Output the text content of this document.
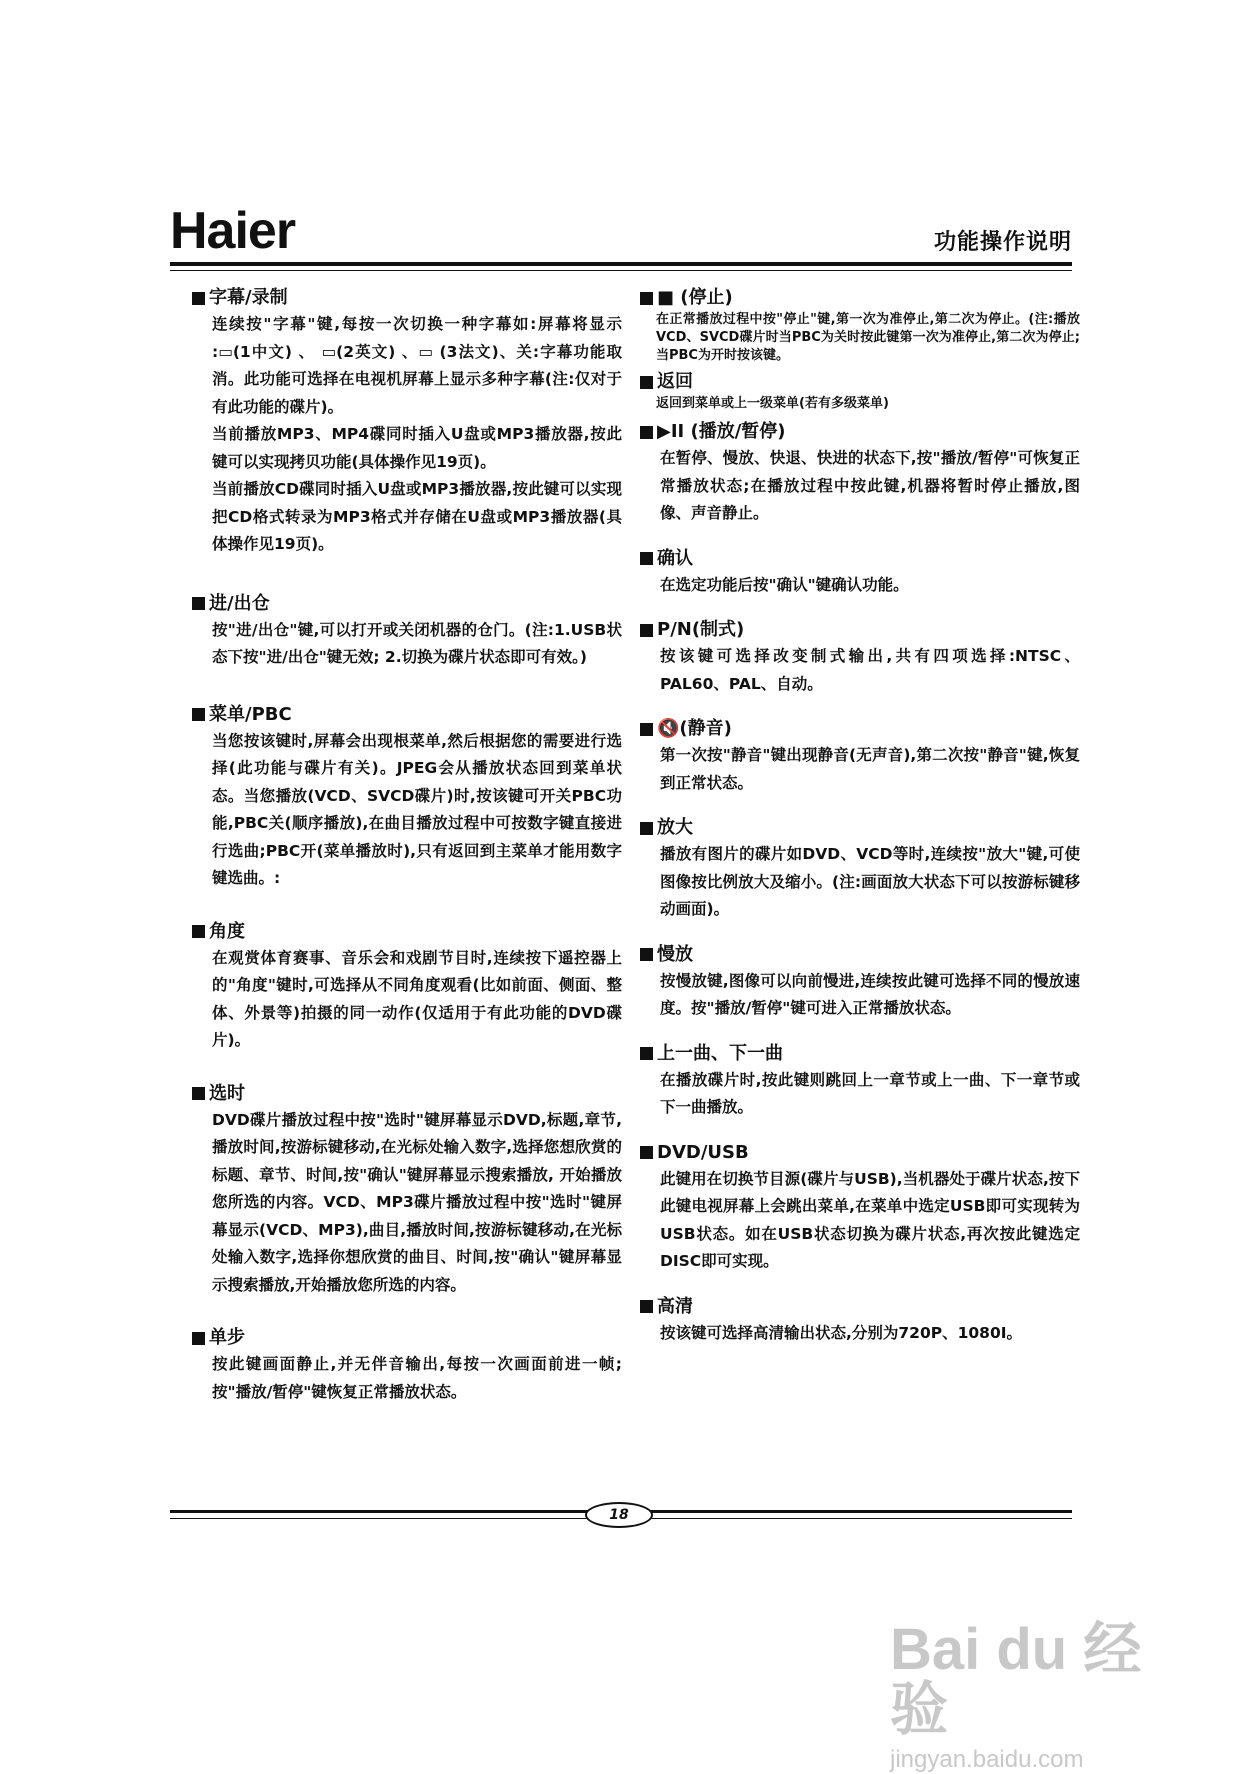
Haier	功能操作说明
字幕/录制

连续按"字幕"键,每按一次切换一种字幕如:屏幕将显示 :▭(1中文) 、 ▭(2英文) 、▭ (3法文)、关:字幕功能取消。此功能可选择在电视机屏幕上显示多种字幕(注:仅对于有此功能的碟片)。

当前播放MP3、MP4碟同时插入U盘或MP3播放器,按此键可以实现拷贝功能(具体操作见19页)。

当前播放CD碟同时插入U盘或MP3播放器,按此键可以实现把CD格式转录为MP3格式并存储在U盘或MP3播放器(具体操作见19页)。

进/出仓

按"进/出仓"键,可以打开或关闭机器的仓门。(注:1.USB状态下按"进/出仓"键无效; 2.切换为碟片状态即可有效。)

菜单/PBC

当您按该键时,屏幕会出现根菜单,然后根据您的需要进行选择(此功能与碟片有关)。JPEG会从播放状态回到菜单状态。当您播放(VCD、SVCD碟片)时,按该键可开关PBC功能,PBC关(顺序播放),在曲目播放过程中可按数字键直接进行选曲;PBC开(菜单播放时),只有返回到主菜单才能用数字键选曲。:

角度

在观赏体育赛事、音乐会和戏剧节目时,连续按下遥控器上的"角度"键时,可选择从不同角度观看(比如前面、侧面、整体、外景等)拍摄的同一动作(仅适用于有此功能的DVD碟片)。

选时

DVD碟片播放过程中按"选时"键屏幕显示DVD,标题,章节,播放时间,按游标键移动,在光标处输入数字,选择您想欣赏的标题、章节、时间,按"确认"键屏幕显示搜索播放, 开始播放您所选的内容。VCD、MP3碟片播放过程中按"选时"键屏幕显示(VCD、MP3),曲目,播放时间,按游标键移动,在光标处输入数字,选择你想欣赏的曲目、时间,按"确认"键屏幕显示搜索播放,开始播放您所选的内容。

单步

按此键画面静止,并无伴音输出,每按一次画面前进一帧;按"播放/暂停"键恢复正常播放状态。

■ (停止)

在正常播放过程中按"停止"键,第一次为准停止,第二次为停止。(注:播放VCD、SVCD碟片时当PBC为关时按此键第一次为准停止,第二次为停止; 当PBC为开时按该键。

返回

返回到菜单或上一级菜单(若有多级菜单)

▶II (播放/暂停)

在暂停、慢放、快退、快进的状态下,按"播放/暂停"可恢复正常播放状态;在播放过程中按此键,机器将暂时停止播放,图像、声音静止。

确认

在选定功能后按"确认"键确认功能。

P/N(制式)

按该键可选择改变制式输出,共有四项选择:NTSC、PAL60、PAL、自动。

🔇(静音)

第一次按"静音"键出现静音(无声音),第二次按"静音"键,恢复到正常状态。

放大

播放有图片的碟片如DVD、VCD等时,连续按"放大"键,可使图像按比例放大及缩小。(注:画面放大状态下可以按游标键移动画面)。

慢放

按慢放键,图像可以向前慢进,连续按此键可选择不同的慢放速度。按"播放/暂停"键可进入正常播放状态。

上一曲、下一曲

在播放碟片时,按此键则跳回上一章节或上一曲、下一章节或下一曲播放。

DVD/USB

此键用在切换节目源(碟片与USB),当机器处于碟片状态,按下此键电视屏幕上会跳出菜单,在菜单中选定USB即可实现转为USB状态。如在USB状态切换为碟片状态,再次按此键选定DISC即可实现。

高清

按该键可选择高清输出状态,分别为720P、1080I。

18
Bai du 经验
jingyan.baidu.com
